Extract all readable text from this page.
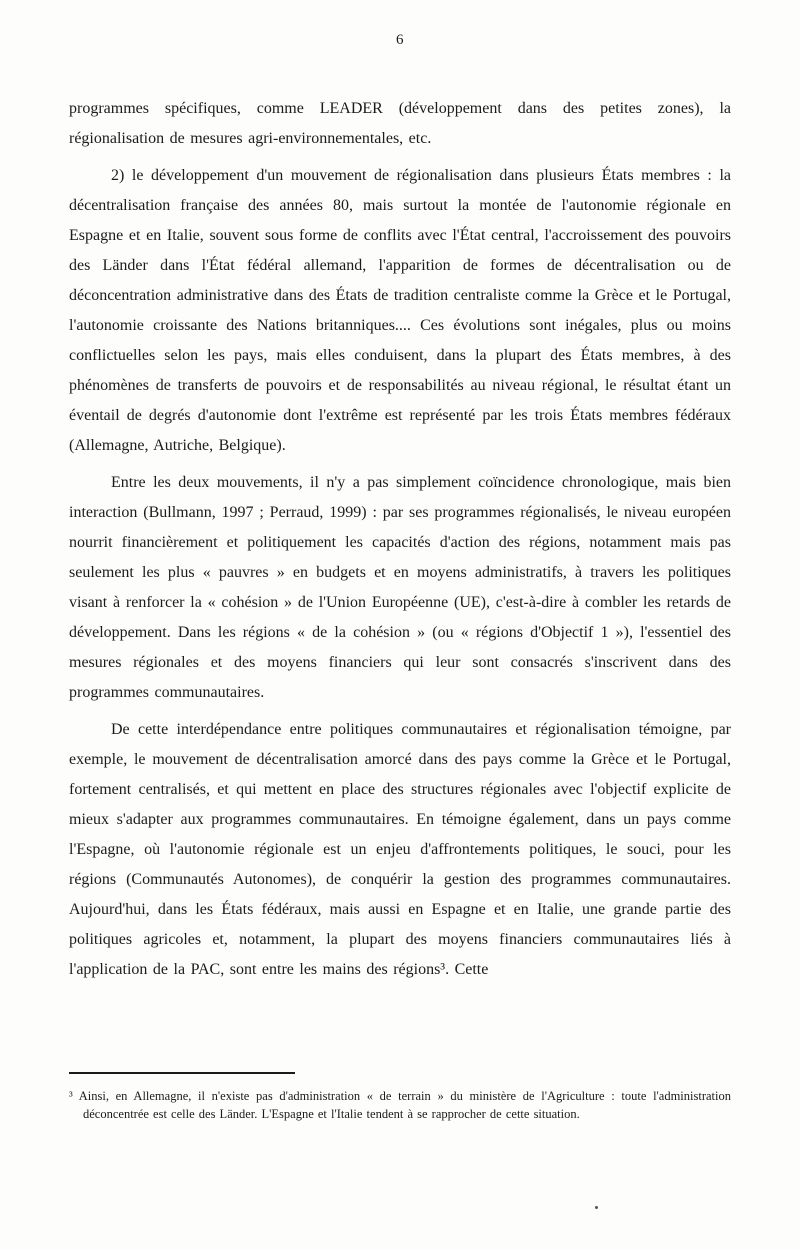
6

programmes spécifiques, comme LEADER (développement dans des petites zones), la régionalisation de mesures agri-environnementales, etc.

2) le développement d'un mouvement de régionalisation dans plusieurs États membres : la décentralisation française des années 80, mais surtout la montée de l'autonomie régionale en Espagne et en Italie, souvent sous forme de conflits avec l'État central, l'accroissement des pouvoirs des Länder dans l'État fédéral allemand, l'apparition de formes de décentralisation ou de déconcentration administrative dans des États de tradition centraliste comme la Grèce et le Portugal, l'autonomie croissante des Nations britanniques.... Ces évolutions sont inégales, plus ou moins conflictuelles selon les pays, mais elles conduisent, dans la plupart des États membres, à des phénomènes de transferts de pouvoirs et de responsabilités au niveau régional, le résultat étant un éventail de degrés d'autonomie dont l'extrême est représenté par les trois États membres fédéraux (Allemagne, Autriche, Belgique).

Entre les deux mouvements, il n'y a pas simplement coïncidence chronologique, mais bien interaction (Bullmann, 1997 ; Perraud, 1999) : par ses programmes régionalisés, le niveau européen nourrit financièrement et politiquement les capacités d'action des régions, notamment mais pas seulement les plus « pauvres » en budgets et en moyens administratifs, à travers les politiques visant à renforcer la « cohésion » de l'Union Européenne (UE), c'est-à-dire à combler les retards de développement. Dans les régions « de la cohésion » (ou « régions d'Objectif 1 »), l'essentiel des mesures régionales et des moyens financiers qui leur sont consacrés s'inscrivent dans des programmes communautaires.

De cette interdépendance entre politiques communautaires et régionalisation témoigne, par exemple, le mouvement de décentralisation amorcé dans des pays comme la Grèce et le Portugal, fortement centralisés, et qui mettent en place des structures régionales avec l'objectif explicite de mieux s'adapter aux programmes communautaires. En témoigne également, dans un pays comme l'Espagne, où l'autonomie régionale est un enjeu d'affrontements politiques, le souci, pour les régions (Communautés Autonomes), de conquérir la gestion des programmes communautaires. Aujourd'hui, dans les États fédéraux, mais aussi en Espagne et en Italie, une grande partie des politiques agricoles et, notamment, la plupart des moyens financiers communautaires liés à l'application de la PAC, sont entre les mains des régions³. Cette

³ Ainsi, en Allemagne, il n'existe pas d'administration « de terrain » du ministère de l'Agriculture : toute l'administration déconcentrée est celle des Länder. L'Espagne et l'Italie tendent à se rapprocher de cette situation.
